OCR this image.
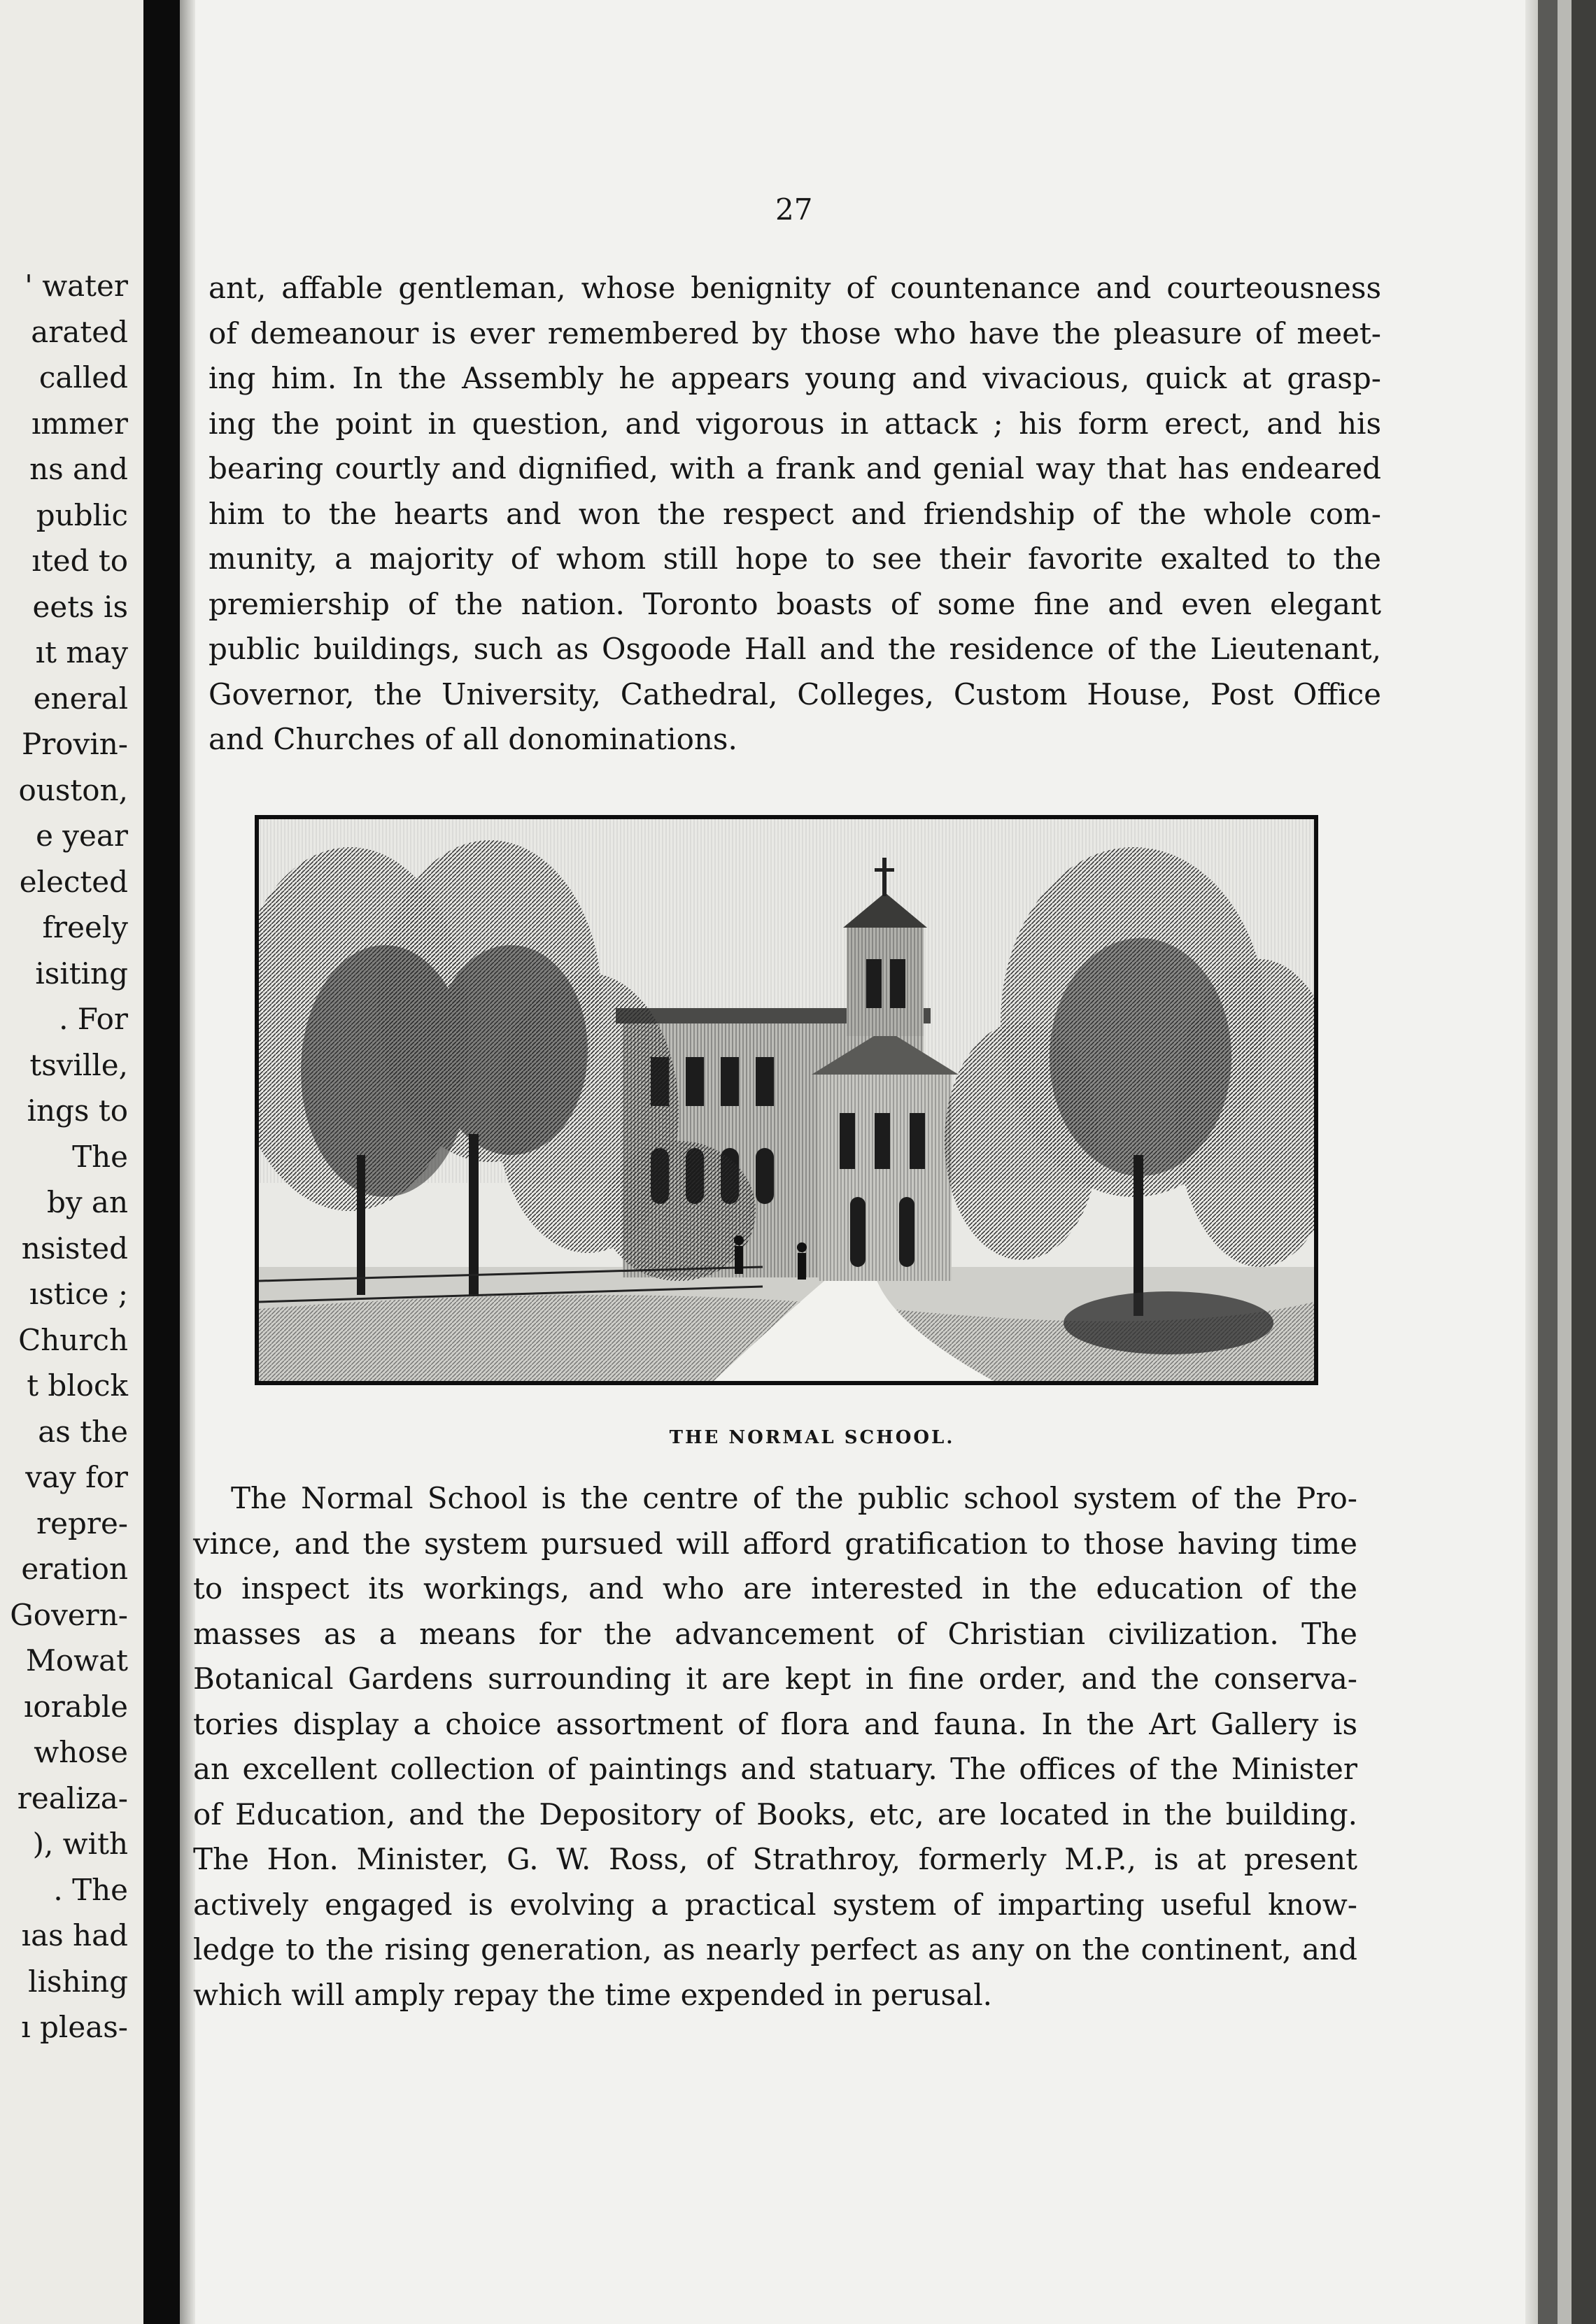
' water
arated
called
ımmer
ns and
public
ıted to
eets is
ıt may
eneral
Provin-
ouston,
e year
elected
freely
isiting
. For
tsville,
ings to
The
by an
nsisted
ıstice ;
Church
t block
as the
vay for
repre-
eration
Govern-
Mowat
ıorable
whose
realiza-
), with
. The
ıas had
lishing
ı pleas-
27
ant, affable gentleman, whose benignity of countenance and courteousness
of demeanour is ever remembered by those who have the pleasure of meet-
ing him. In the Assembly he appears young and vivacious, quick at grasp-
ing the point in question, and vigorous in attack ; his form erect, and his
bearing courtly and dignified, with a frank and genial way that has endeared
him to the hearts and won the respect and friendship of the whole com-
munity, a majority of whom still hope to see their favorite exalted to the
premiership of the nation. Toronto boasts of some fine and even elegant
public buildings, such as Osgoode Hall and the residence of the Lieutenant,
Governor, the University, Cathedral, Colleges, Custom House, Post Office
and Churches of all donominations.
THE NORMAL SCHOOL.
The Normal School is the centre of the public school system of the Pro-
vince, and the system pursued will afford gratification to those having time
to inspect its workings, and who are interested in the education of the
masses as a means for the advancement of Christian civilization. The
Botanical Gardens surrounding it are kept in fine order, and the conserva-
tories display a choice assortment of flora and fauna. In the Art Gallery is
an excellent collection of paintings and statuary. The offices of the Minister
of Education, and the Depository of Books, etc, are located in the building.
The Hon. Minister, G. W. Ross, of Strathroy, formerly M.P., is at present
actively engaged is evolving a practical system of imparting useful know-
ledge to the rising generation, as nearly perfect as any on the continent, and
which will amply repay the time expended in perusal.
